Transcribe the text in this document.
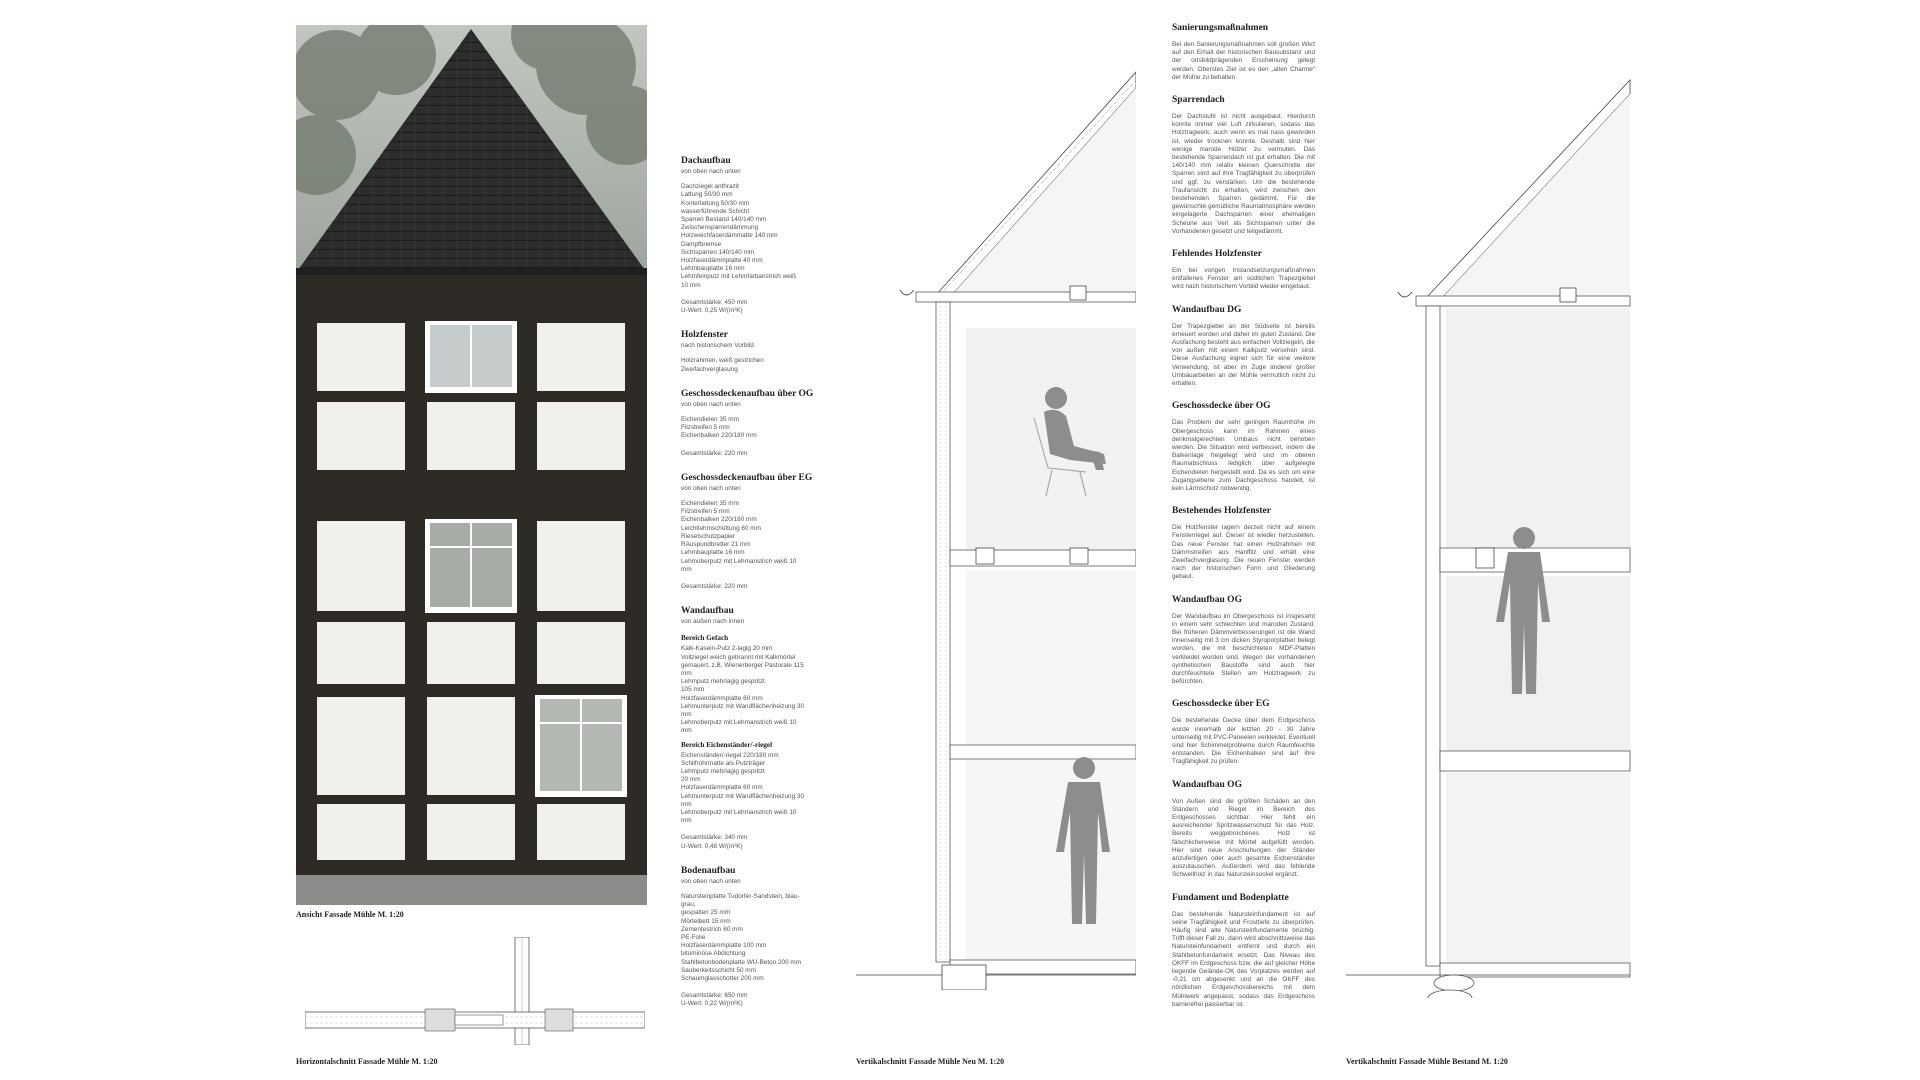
Ansicht Fassade Mühle M. 1:20
Horizontalschnitt Fassade Mühle M. 1:20
Dachaufbau
von oben nach unten
Dachziegel anthrazit
Lattung 50/30 mm
Konterlattung 50/30 mm
wasserführende Schicht
Sparren Bestand 140/140 mm
Zwischensparrendämmung
Holzweichfaserdämmatte 140 mm
Dampfbremse
Sichtsparren 140/140 mm
Holzfaserdämmplatte 40 mm
Lehmbauplatte 16 mm
Lehmfeinputz mit Lehmfarbanstrich weiß
10 mm
Gesamtstärke: 450 mm
U-Wert: 0,25 W/(m²K)
Holzfenster
nach historischem Vorbild
Holzrahmen, weiß gestrichen
Zweifachverglasung
Geschossdeckenaufbau über OG
von oben nach unten
Eichendielen 35 mm
Filzstreifen 5 mm
Eichenbalken 220/180 mm
Gesamtstärke: 220 mm
Geschossdeckenaufbau über EG
von oben nach unten
Eichendielen 35 mm
Filzstreifen 5 mm
Eichenbalken 220/180 mm
Leichtlehmschüttung 60 mm
Rieselschutzpapier
RAuspundbretter 21 mm
Lehmbauplatte 16 mm
Lehmoberputz mit Lehmanstrich weiß 10
mm
Gesamtstärke: 220 mm
Wandaufbau
von außen nach innen
Bereich Gefach
Kalk-Kasein-Putz 2-lagig 20 mm
Vollziegel weich gebrannt mit Kalkmörtel
gemauert, z.B. Wienerberger Pastorale 115
mm
Lehmputz mehrlagig gespritzt
105 mm
Holzfaserdämmplatte 60 mm
Lehmunterputz mit Wandflächenheizung 30
mm
Lehmoberputz mit Lehmanstrich weiß 10
mm
Bereich Eichenständer/-riegel
Eichenständer/-riegel 220/180 mm
Schilfrohrmatte als Putzträger
Lehmputz mehrlagig gespritzt
20 mm
Holzfaserdämmplatte 60 mm
Lehmunterputz mit Wandflächenheizung 30
mm
Lehmoberputz mit Lehmanstrich weiß 10
mm
Gesamtstärke: 340 mm
U-Wert: 0,48 W/(m²K)
Bodenaufbau
von oben nach unten
Natursteinplatte Tudorfer-Sandstein, blau-
grau,
gespalten 25 mm
Mörtelbett 15 mm
Zementestrich 60 mm
PE-Folie
Holzfaserdämmplatte 100 mm
bituminöse Abdichtung
Stahlbetonbodenplatte WU-Beton 200 mm
Sauberkeitsschicht 50 mm
Schaumglasschotter 200 mm
Gesamtstärke: 650 mm
U-Wert: 0,22 W/(m²K)
Vertikalschnitt Fassade Mühle Neu M. 1:20
Sanierungsmaßnahmen

Bei den Sanierungsmaßnahmen soll großen Wert auf den Erhalt der historischen Bausubstanz und der ortsbildprägenden Erscheinung gelegt werden. Oberstes Ziel ist es den „alten Charme“ der Mühle zu behalten.

Sparrendach

Der Dachstuhl ist nicht ausgebaut. Hierdurch konnte immer viel Luft zirkulieren, sodass das Holztragwerk, auch wenn es mal nass geworden ist, wieder trocknen konnte. Deshalb sind hier wenige marode Hölzer zu vermuten. Das bestehende Sparrendach ist gut erhalten. Die mit 140/140 mm relativ kleinen Querschnitte der Sparren sind auf ihre Tragfähigkeit zu überprüfen und ggf. zu verstärken. Um die bestehende Traufansicht zu erhalten, wird zwischen den bestehenden Sparren gedämmt. Für die gewünschte gemütliche Raumatmosphäre werden eingelagerte Dachsparren einer ehemaligen Scheune aus Verl als Sichtsparren unter die Vorhandenen gesetzt und teilgedämmt.

Fehlendes Holzfenster

Ein bei vorigen Instandsetzungsmaßnahmen entfallenes Fenster am südlichen Trapezgiebel wird nach historischem Vorbild wieder eingebaut.

Wandaufbau DG

Der Trapezgiebel an der Südseite ist bereits erneuert worden und daher im guten Zustand. Die Ausfachung besteht aus einfachen Vollziegeln, die von außen mit einem Kalkputz versehen sind. Diese Ausfachung eignet sich für eine weitere Verwendung, ist aber im Zuge anderer großer Umbauarbeiten an der Mühle vermutlich nicht zu erhalten.

Geschossdecke über OG

Das Problem der sehr geringen Raumhöhe im Obergeschoss kann im Rahmen eines denkmalgerechten Umbaus nicht behoben werden. Die Situation wird verbessert, indem die Balkenlage freigelegt wird und im oberen Raumabschluss lediglich über aufgelegte Eichendielen hergestellt wird. Da es sich um eine Zugangsebene zum Dachgeschoss handelt, ist kein Lärmschutz notwendig.

Bestehendes Holzfenster

Die Holzfenster lagern derzeit nicht auf einem Fensterriegel auf. Dieser ist wieder herzustellen. Das neue Fenster hat einen Holzrahmen mit Dämmstreifen aus Hanffilz und erhält eine Zweifachverglasung. Die neuen Fenster werden nach der historischen Form und Gliederung gebaut.

Wandaufbau OG

Der Wandaufbau im Obergeschoss ist insgesamt in einem sehr schlechten und maroden Zustand. Bei früheren Dämmverbesserungen ist die Wand innenseitig mit 3 cm dicken Styroporplatten belegt worden, die mit beschichteten MDF-Platten verkleidet worden sind. Wegen der vorhandenen synthetischen Baustoffe sind auch hier durchfeuchtete Stellen am Holztragwerk zu befürchten.

Geschossdecke über EG

Die bestehende Decke über dem Erdgeschoss wurde innerhalb der letzten 20 - 30 Jahre unterseitig mit PVC-Paneelen verkleidet. Eventuell sind hier Schimmelprobleme durch Raumfeuchte entstanden. Die Eichenbalken sind auf ihre Tragfähigkeit zu prüfen.

Wandaufbau OG

Von Außen sind die größten Schäden an den Ständern und Riegel im Bereich des Erdgeschosses sichtbar. Hier fehlt ein ausreichender Spritzwasserschutz für das Holz. Bereits weggebrochenes Holz ist fälschlicherweise mit Mörtel aufgefüllt worden. Hier sind neue Anschuhungen der Ständer anzufertigen oder auch gesamte Eichenständer auszutauschen. Außerdem wird das fehlende Schwellholz in das Natursteinsockel ergänzt.

Fundament und Bodenplatte

Das bestehende Natursteinfundament ist auf seine Tragfähigkeit und Frosttiefe zu überprüfen. Häufig sind alte Natursteinfundamente brüchig. Trifft dieser Fall zu, dann wird abschnittsweise das Natursteinfundament entfernt und durch ein Stahlbetonfundament ersetzt. Das Niveau des OKFF im Erdgeschoss bzw. die auf gleicher Höhe liegende Gelände-OK des Vorplatzes werden auf -0,21 cm abgesenkt und an die OKFF des nördlichen Erdgeschossbereichs mit dem Mühlwerk angepasst, sodass das Erdgeschoss barrierefrei passierbar ist.

Vertikalschnitt Fassade Mühle Bestand M. 1:20
